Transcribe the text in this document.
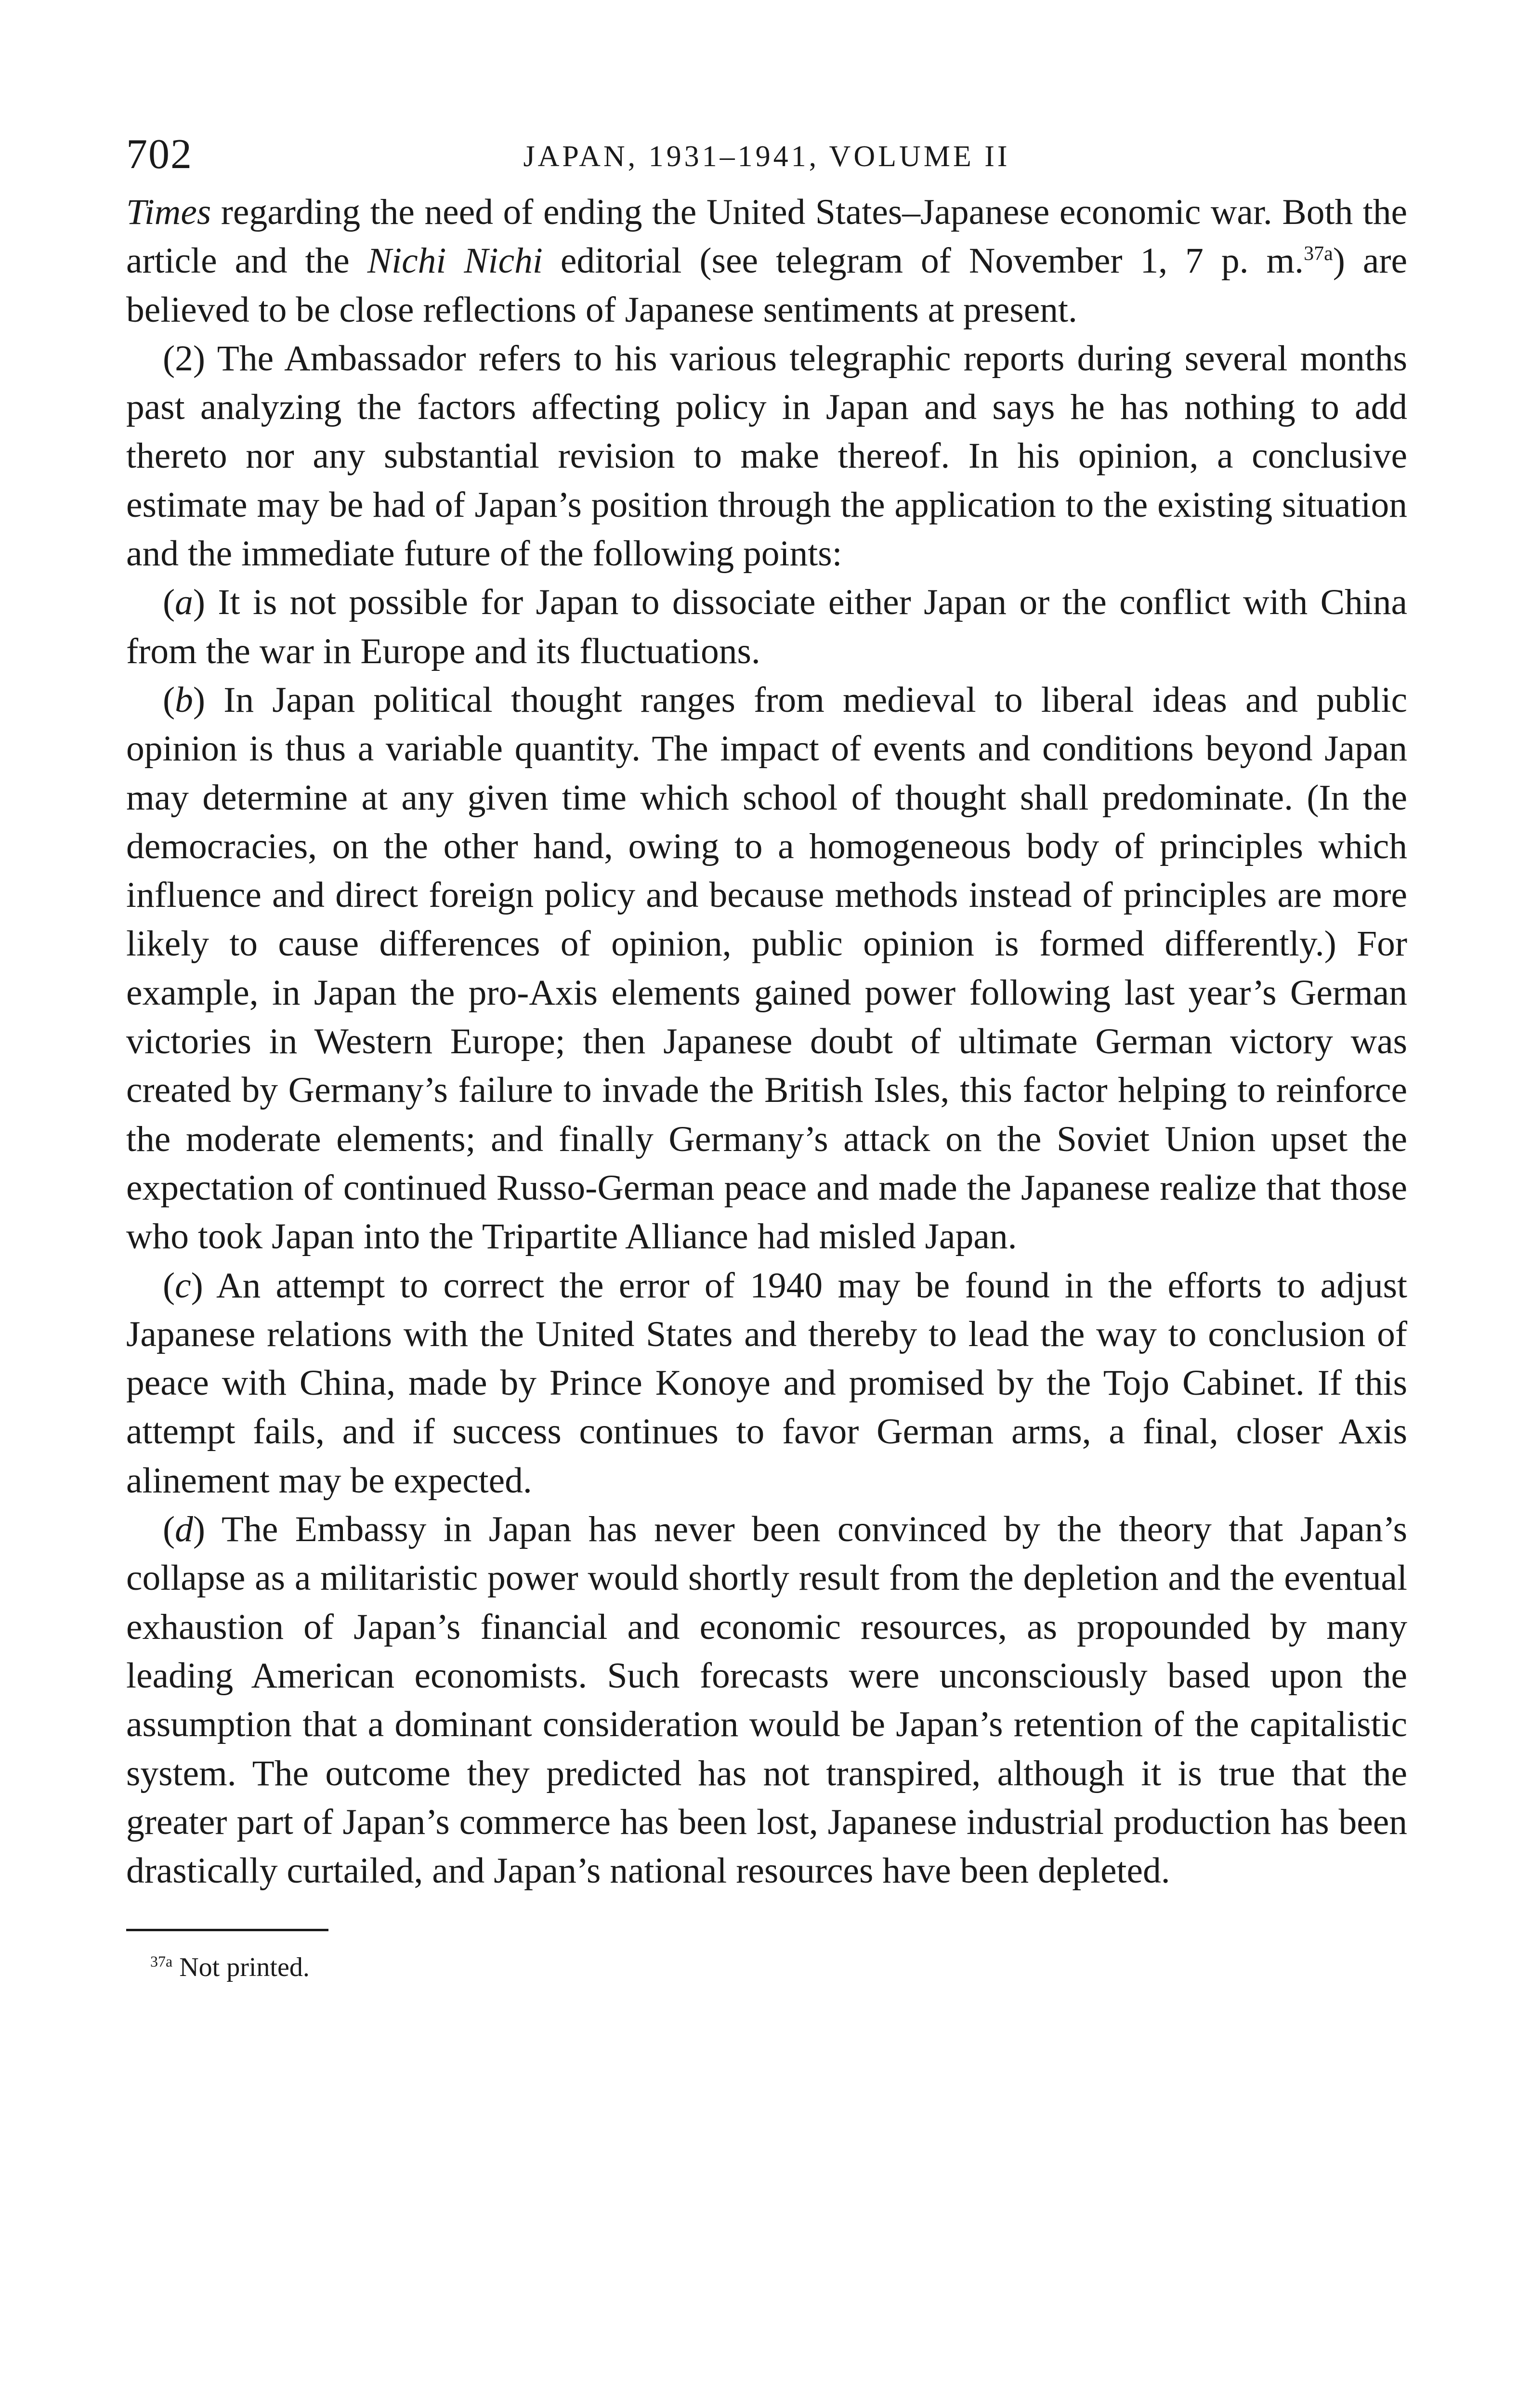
702	JAPAN, 1931–1941, VOLUME II

Times regarding the need of ending the United States–Japanese economic war. Both the article and the Nichi Nichi editorial (see telegram of November 1, 7 p. m.$^{37a}$) are believed to be close reflections of Japanese sentiments at present.

(2) The Ambassador refers to his various telegraphic reports during several months past analyzing the factors affecting policy in Japan and says he has nothing to add thereto nor any substantial revision to make thereof. In his opinion, a conclusive estimate may be had of Japan’s position through the application to the existing situation and the immediate future of the following points:

(a) It is not possible for Japan to dissociate either Japan or the conflict with China from the war in Europe and its fluctuations.

(b) In Japan political thought ranges from medieval to liberal ideas and public opinion is thus a variable quantity. The impact of events and conditions beyond Japan may determine at any given time which school of thought shall predominate. (In the democracies, on the other hand, owing to a homogeneous body of principles which influence and direct foreign policy and because methods instead of principles are more likely to cause differences of opinion, public opinion is formed differently.) For example, in Japan the pro-Axis elements gained power following last year’s German victories in Western Europe; then Japanese doubt of ultimate German victory was created by Germany’s failure to invade the British Isles, this factor helping to reinforce the moderate elements; and finally Germany’s attack on the Soviet Union upset the expectation of continued Russo-German peace and made the Japanese realize that those who took Japan into the Tripartite Alliance had misled Japan.

(c) An attempt to correct the error of 1940 may be found in the efforts to adjust Japanese relations with the United States and thereby to lead the way to conclusion of peace with China, made by Prince Konoye and promised by the Tojo Cabinet. If this attempt fails, and if success continues to favor German arms, a final, closer Axis alinement may be expected.

(d) The Embassy in Japan has never been convinced by the theory that Japan’s collapse as a militaristic power would shortly result from the depletion and the eventual exhaustion of Japan’s financial and economic resources, as propounded by many leading American economists. Such forecasts were unconsciously based upon the assumption that a dominant consideration would be Japan’s retention of the capitalistic system. The outcome they predicted has not transpired, although it is true that the greater part of Japan’s commerce has been lost, Japanese industrial production has been drastically curtailed, and Japan’s national resources have been depleted.

$^{37a}$ Not printed.
